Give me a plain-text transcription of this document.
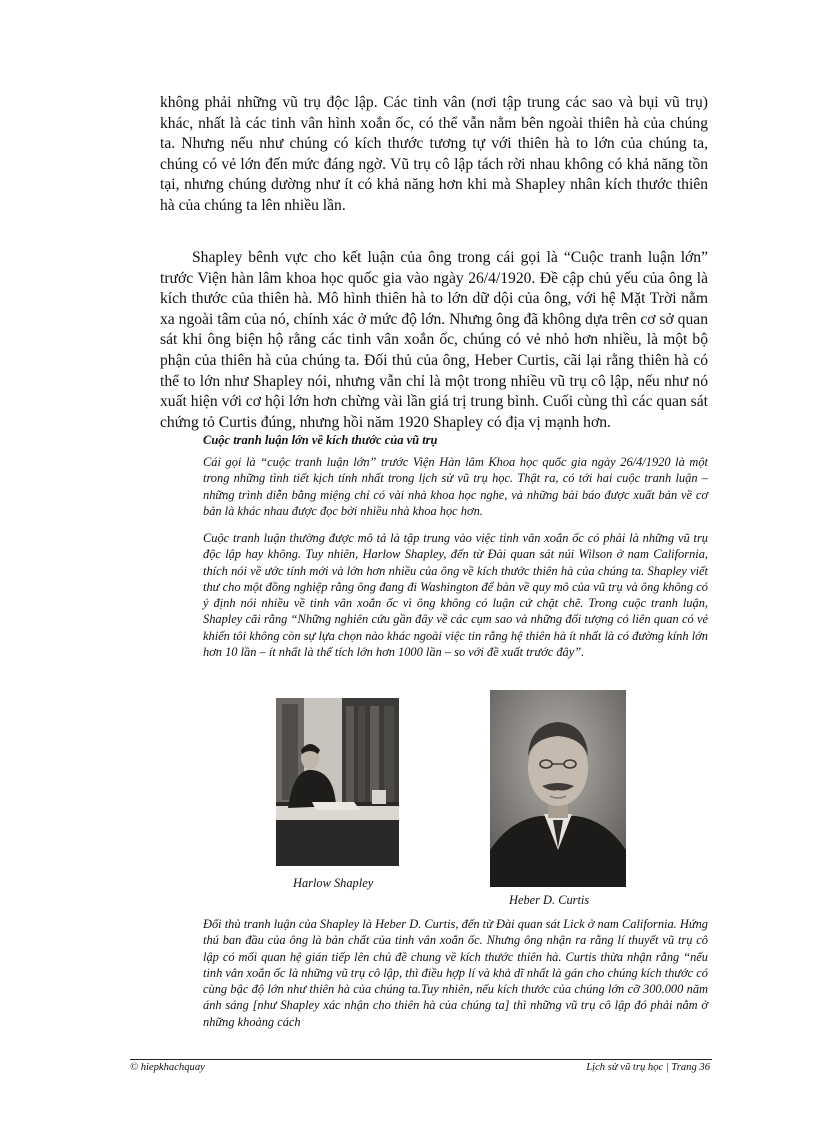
không phải những vũ trụ độc lập. Các tinh vân (nơi tập trung các sao và bụi vũ trụ) khác, nhất là các tinh vân hình xoắn ốc, có thể vẫn nằm bên ngoài thiên hà của chúng ta. Nhưng nếu như chúng có kích thước tương tự với thiên hà to lớn của chúng ta, chúng có vẻ lớn đến mức đáng ngờ. Vũ trụ cô lập tách rời nhau không có khả năng tồn tại, nhưng chúng dường như ít có khả năng hơn khi mà Shapley nhân kích thước thiên hà của chúng ta lên nhiều lần.

Shapley bênh vực cho kết luận của ông trong cái gọi là “Cuộc tranh luận lớn” trước Viện hàn lâm khoa học quốc gia vào ngày 26/4/1920. Đề cập chủ yếu của ông là kích thước của thiên hà. Mô hình thiên hà to lớn dữ dội của ông, với hệ Mặt Trời nằm xa ngoài tâm của nó, chính xác ở mức độ lớn. Nhưng ông đã không dựa trên cơ sở quan sát khi ông biện hộ rằng các tinh vân xoắn ốc, chúng có vẻ nhỏ hơn nhiều, là một bộ phận của thiên hà của chúng ta. Đối thủ của ông, Heber Curtis, cãi lại rằng thiên hà có thể to lớn như Shapley nói, nhưng vẫn chỉ là một trong nhiều vũ trụ cô lập, nếu như nó xuất hiện với cơ hội lớn hơn chừng vài lần giá trị trung bình. Cuối cùng thì các quan sát chứng tỏ Curtis đúng, nhưng hồi năm 1920 Shapley có địa vị mạnh hơn.

Cuộc tranh luận lớn về kích thước của vũ trụ

Cái gọi là “cuộc tranh luận lớn” trước Viện Hàn lâm Khoa học quốc gia ngày 26/4/1920 là một trong những tình tiết kịch tính nhất trong lịch sử vũ trụ học. Thật ra, có tới hai cuộc tranh luận – những trình diễn bằng miệng chỉ có vài nhà khoa học nghe, và những bài báo được xuất bản về cơ bản là khác nhau được đọc bởi nhiều nhà khoa học hơn.

Cuộc tranh luận thường được mô tả là tập trung vào việc tinh vân xoắn ốc có phải là những vũ trụ độc lập hay không. Tuy nhiên, Harlow Shapley, đến từ Đài quan sát núi Wilson ở nam California, thích nói về ước tính mới và lớn hơn nhiều của ông về kích thước thiên hà của chúng ta. Shapley viết thư cho một đồng nghiệp rằng ông đang đi Washington để bàn về quy mô của vũ trụ và ông không có ý định nói nhiều về tinh vân xoắn ốc vì ông không có luận cứ chặt chẽ. Trong cuộc tranh luận, Shapley cãi rằng “Những nghiên cứu gần đây về các cụm sao và những đối tượng có liên quan có vẻ khiến tôi không còn sự lựa chọn nào khác ngoài việc tin rằng hệ thiên hà ít nhất là có đường kính lớn hơn 10 lần – ít nhất là thể tích lớn hơn 1000 lần – so với đề xuất trước đây”.

Harlow Shapley
Heber D. Curtis

Đối thủ tranh luận của Shapley là Heber D. Curtis, đến từ Đài quan sát Lick ở nam California. Hứng thú ban đầu của ông là bản chất của tinh vân xoắn ốc. Nhưng ông nhận ra rằng lí thuyết vũ trụ cô lập có mối quan hệ gián tiếp lên chủ đề chung về kích thước thiên hà. Curtis thừa nhận rằng “nếu tinh vân xoắn ốc là những vũ trụ cô lập, thì điều hợp lí và khả dĩ nhất là gán cho chúng kích thước có cùng bậc độ lớn như thiên hà của chúng ta.Tuy nhiên, nếu kích thước của chúng lớn cỡ 300.000 năm ánh sáng [như Shapley xác nhận cho thiên hà của chúng ta] thì những vũ trụ cô lập đó phải nằm ở những khoảng cách

© hiepkhachquay	Lịch sử vũ trụ học | Trang 36
